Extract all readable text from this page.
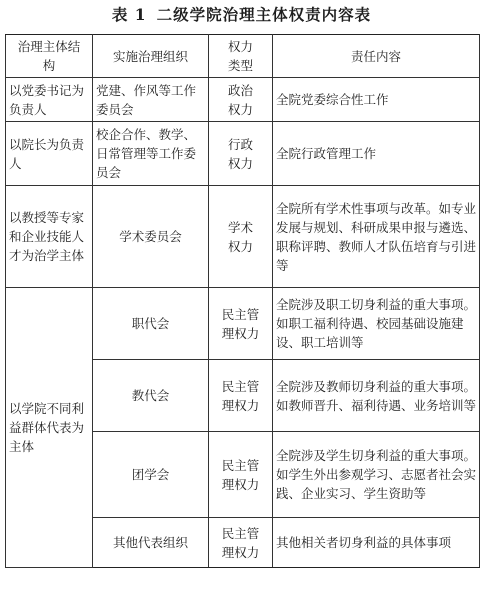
表 1 二级学院治理主体权责内容表
治理主体结构	实施治理组织	权力类型	责任内容
以党委书记为负责人	党建、作风等工作委员会	政治权力	全院党委综合性工作
以院长为负责人	校企合作、教学、日常管理等工作委员会	行政权力	全院行政管理工作
以教授等专家和企业技能人才为治学主体	学术委员会	学术权力	全院所有学术性事项与改革。如专业发展与规划、科研成果申报与遴选、职称评聘、教师人才队伍培育与引进等
以学院不同利益群体代表为主体	职代会	民主管理权力	全院涉及职工切身利益的重大事项。如职工福利待遇、校园基础设施建设、职工培训等
	教代会	民主管理权力	全院涉及教师切身利益的重大事项。如教师晋升、福利待遇、业务培训等
	团学会	民主管理权力	全院涉及学生切身利益的重大事项。如学生外出参观学习、志愿者社会实践、企业实习、学生资助等
	其他代表组织	民主管理权力	其他相关者切身利益的具体事项
